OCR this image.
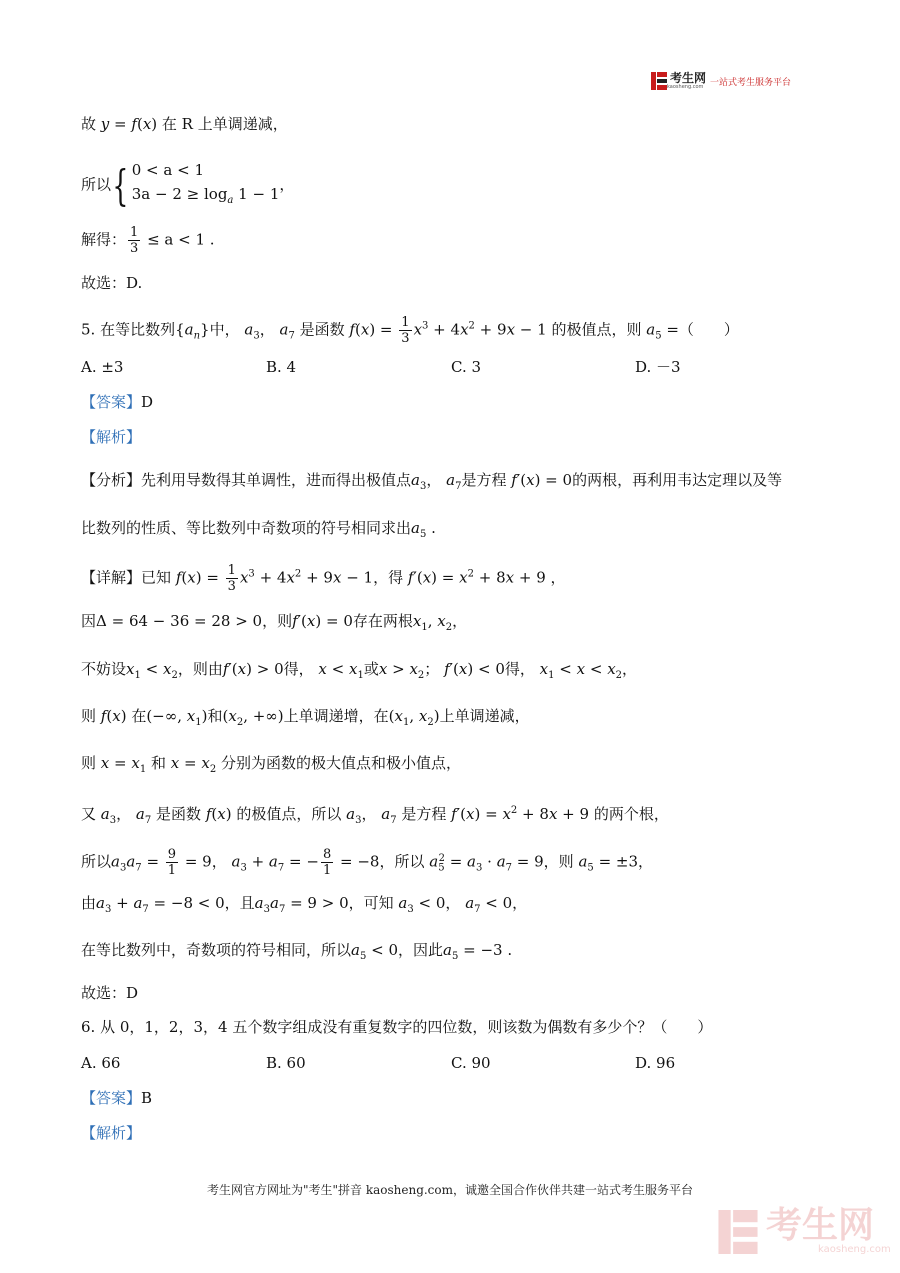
考生网
kaosheng.com 一站式考生服务平台
故 y = f(x) 在 R 上单调递减，
所以{ 0 < a < 1
$3a - 2 \ge \log_a 1 - 1$
，
解得： $\frac{1}{3} \le a < 1$ .
故选：D.
5. 在等比数列$\{a_n\}$中， $a_3$， $a_7$ 是函数 $f(x) = \frac{1}{3} x^3 + 4x^2 + 9x - 1$ 的极值点，则 $a_5$ =（　　）
A. ±3	B. 4	C. 3	D. －3
【答案】D
【解析】
【分析】先利用导数得其单调性，进而得出极值点$a_3$， $a_7$是方程 f′(x) = 0的两根，再利用韦达定理以及等
比数列的性质、等比数列中奇数项的符号相同求出$a_5$ .
【详解】已知 $f(x) = \frac{1}{3} x^3 + 4x^2 + 9x - 1$，得 $f'(x) = x^2 + 8x + 9$ ，
因Δ = 64 − 36 = 28 > 0，则f′(x) = 0存在两根$x_1$, $x_2$，
不妨设$x_1 < x_2$，则由f′(x) > 0得， $x < x_1$或$x > x_2$； f′(x) < 0得， $x_1 < x < x_2$，
则 f(x) 在(−∞, $x_1$)和($x_2$, +∞)上单调递增，在($x_1$, $x_2$)上单调递减，
则 $x = x_1$ 和 $x = x_2$ 分别为函数的极大值点和极小值点，
又 $a_3$， $a_7$ 是函数 f(x) 的极值点，所以 $a_3$， $a_7$ 是方程 $f'(x) = x^2 + 8x + 9$ 的两个根，
所以$a_3a_7 = \frac{9}{1} = 9$， $a_3 + a_7$ = − $\frac{8}{1} = -8$，所以 $a_5^2 = a_3 \cdot a_7 = 9$，则 $a_5 = \pm 3$，
由$a_3 + a_7 = -8 < 0$，且$a_3a_7 = 9 > 0$，可知 $a_3 < 0$， $a_7 < 0$，
在等比数列中，奇数项的符号相同，所以$a_5 < 0$，因此$a_5 = -3$ .
故选：D
6. 从 0，1，2，3，4 五个数字组成没有重复数字的四位数，则该数为偶数有多少个？（　　）
A. 66	B. 60	C. 90	D. 96
【答案】B
【解析】
考生网官方网址为"考生"拼音 kaosheng.com，诚邀全国合作伙伴共建一站式考生服务平台
考生网
kaosheng.com
